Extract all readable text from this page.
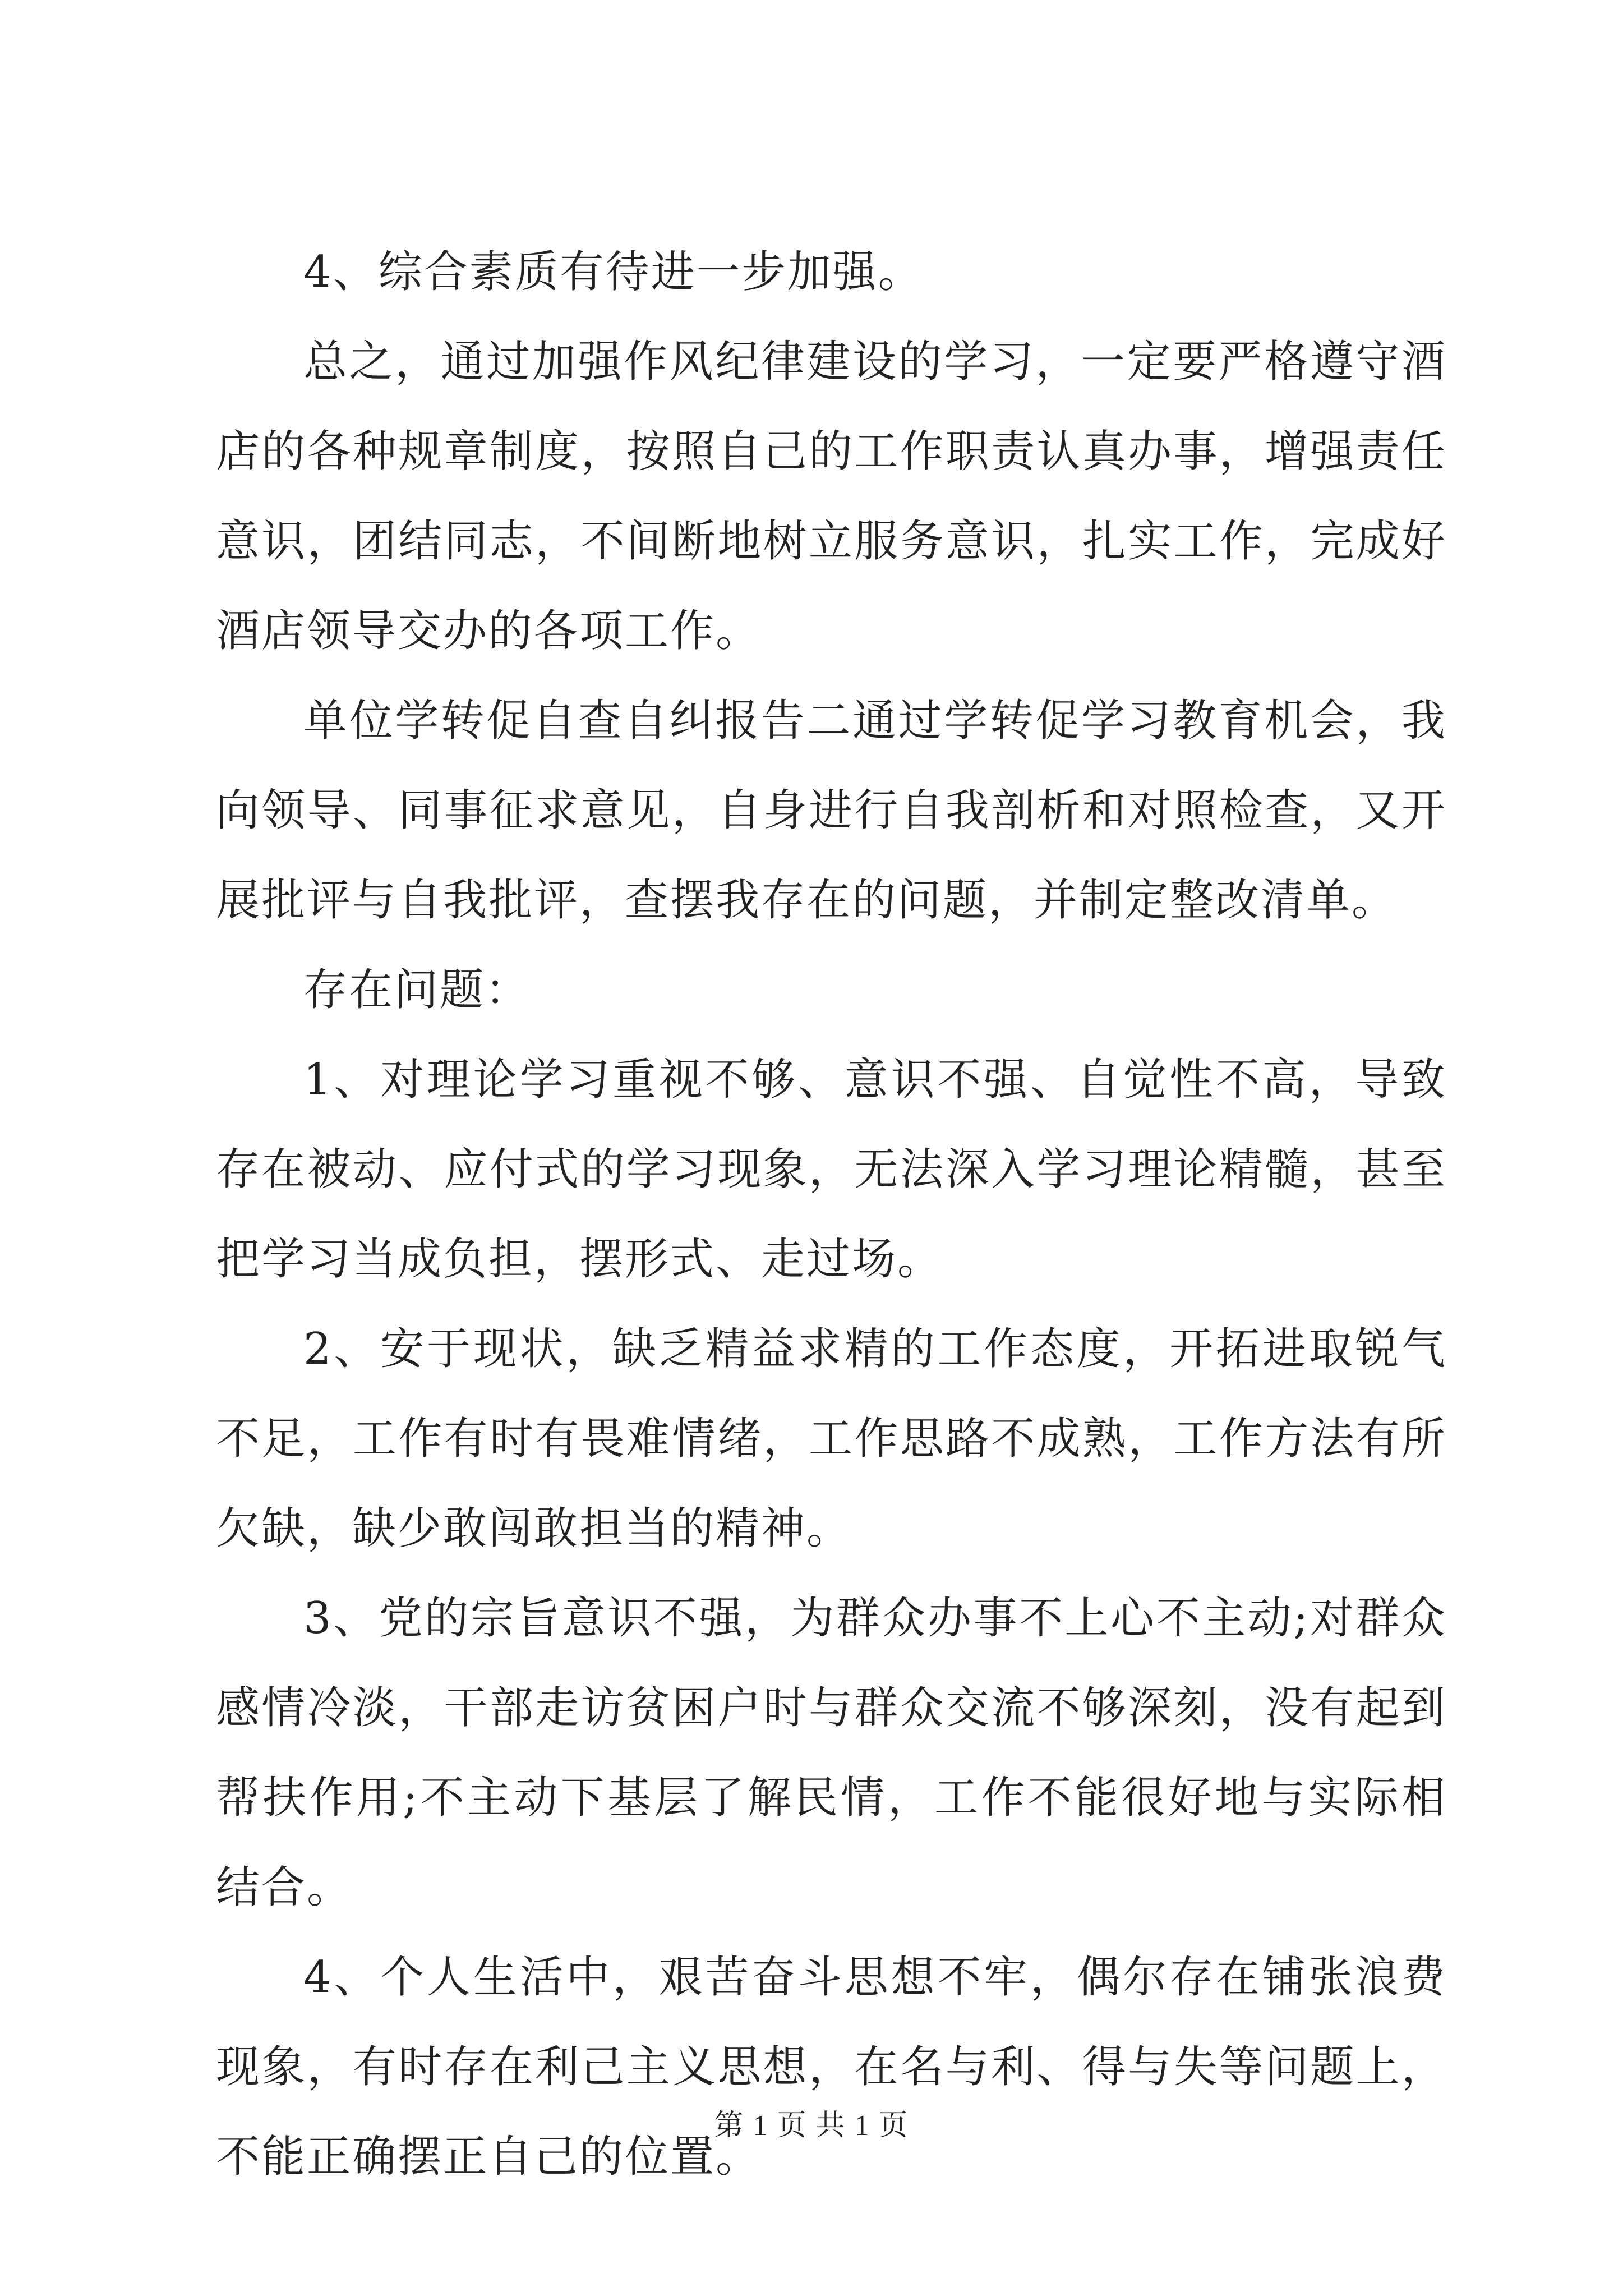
4、综合素质有待进一步加强。

总之，通过加强作风纪律建设的学习，一定要严格遵守酒店的各种规章制度，按照自己的工作职责认真办事，增强责任意识，团结同志，不间断地树立服务意识，扎实工作，完成好酒店领导交办的各项工作。

单位学转促自查自纠报告二通过学转促学习教育机会，我向领导、同事征求意见，自身进行自我剖析和对照检查，又开展批评与自我批评，查摆我存在的问题，并制定整改清单。

存在问题：

1、对理论学习重视不够、意识不强、自觉性不高，导致存在被动、应付式的学习现象，无法深入学习理论精髓，甚至把学习当成负担，摆形式、走过场。

2、安于现状，缺乏精益求精的工作态度，开拓进取锐气不足，工作有时有畏难情绪，工作思路不成熟，工作方法有所欠缺，缺少敢闯敢担当的精神。

3、党的宗旨意识不强，为群众办事不上心不主动;对群众感情冷淡，干部走访贫困户时与群众交流不够深刻，没有起到帮扶作用;不主动下基层了解民情，工作不能很好地与实际相结合。

4、个人生活中，艰苦奋斗思想不牢，偶尔存在铺张浪费现象，有时存在利己主义思想，在名与利、得与失等问题上，不能正确摆正自己的位置。

第 1 页 共 1 页
